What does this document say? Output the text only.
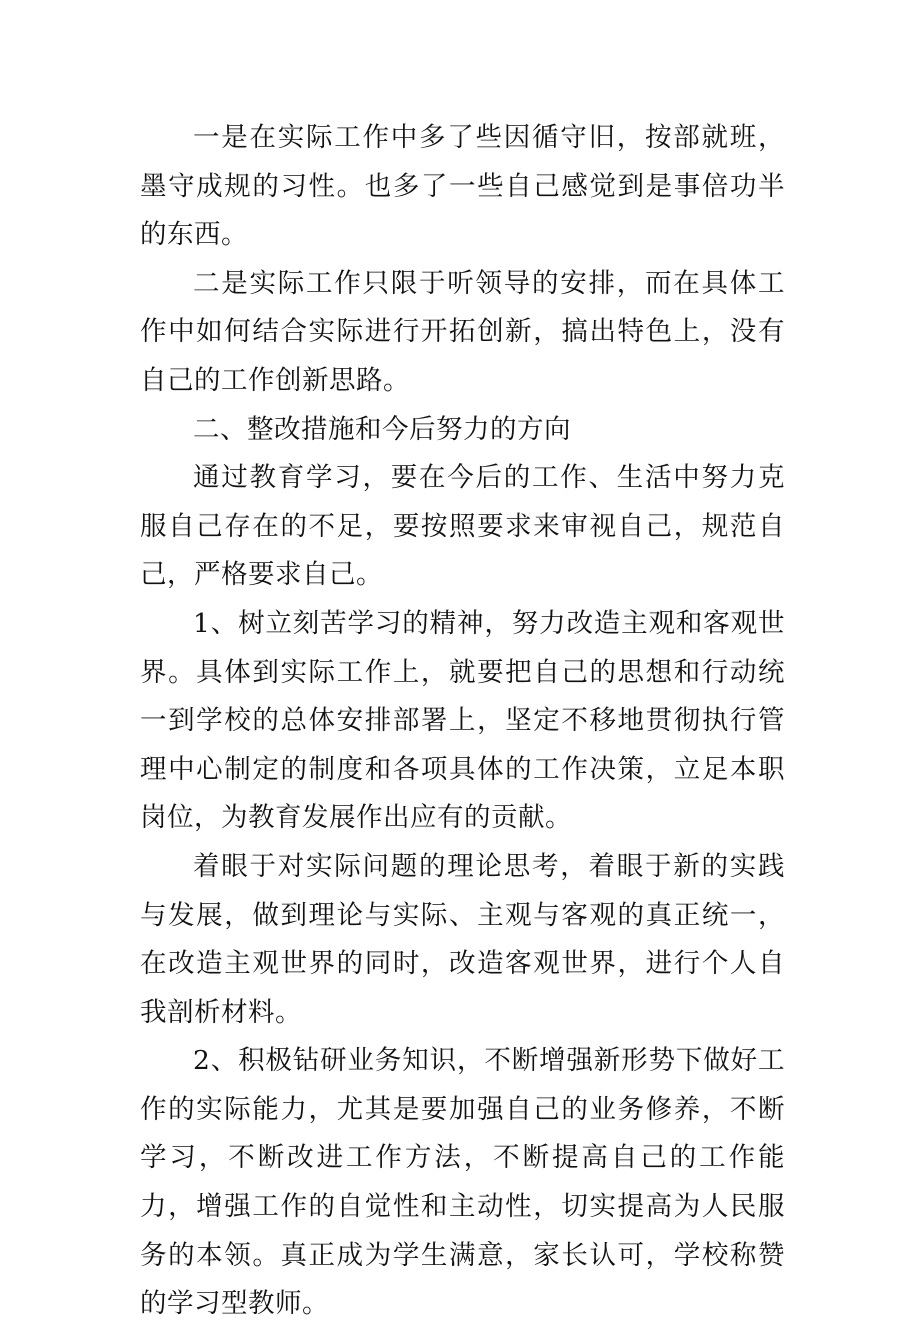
一是在实际工作中多了些因循守旧，按部就班，墨守成规的习性。也多了一些自己感觉到是事倍功半的东西。

二是实际工作只限于听领导的安排，而在具体工作中如何结合实际进行开拓创新，搞出特色上，没有自己的工作创新思路。

二、整改措施和今后努力的方向

通过教育学习，要在今后的工作、生活中努力克服自己存在的不足，要按照要求来审视自己，规范自己，严格要求自己。

1、树立刻苦学习的精神，努力改造主观和客观世界。具体到实际工作上，就要把自己的思想和行动统一到学校的总体安排部署上，坚定不移地贯彻执行管理中心制定的制度和各项具体的工作决策，立足本职岗位，为教育发展作出应有的贡献。

着眼于对实际问题的理论思考，着眼于新的实践与发展，做到理论与实际、主观与客观的真正统一，在改造主观世界的同时，改造客观世界，进行个人自我剖析材料。

2、积极钻研业务知识，不断增强新形势下做好工作的实际能力，尤其是要加强自己的业务修养，不断学习，不断改进工作方法，不断提高自己的工作能力，增强工作的自觉性和主动性，切实提高为人民服务的本领。真正成为学生满意，家长认可，学校称赞的学习型教师。
